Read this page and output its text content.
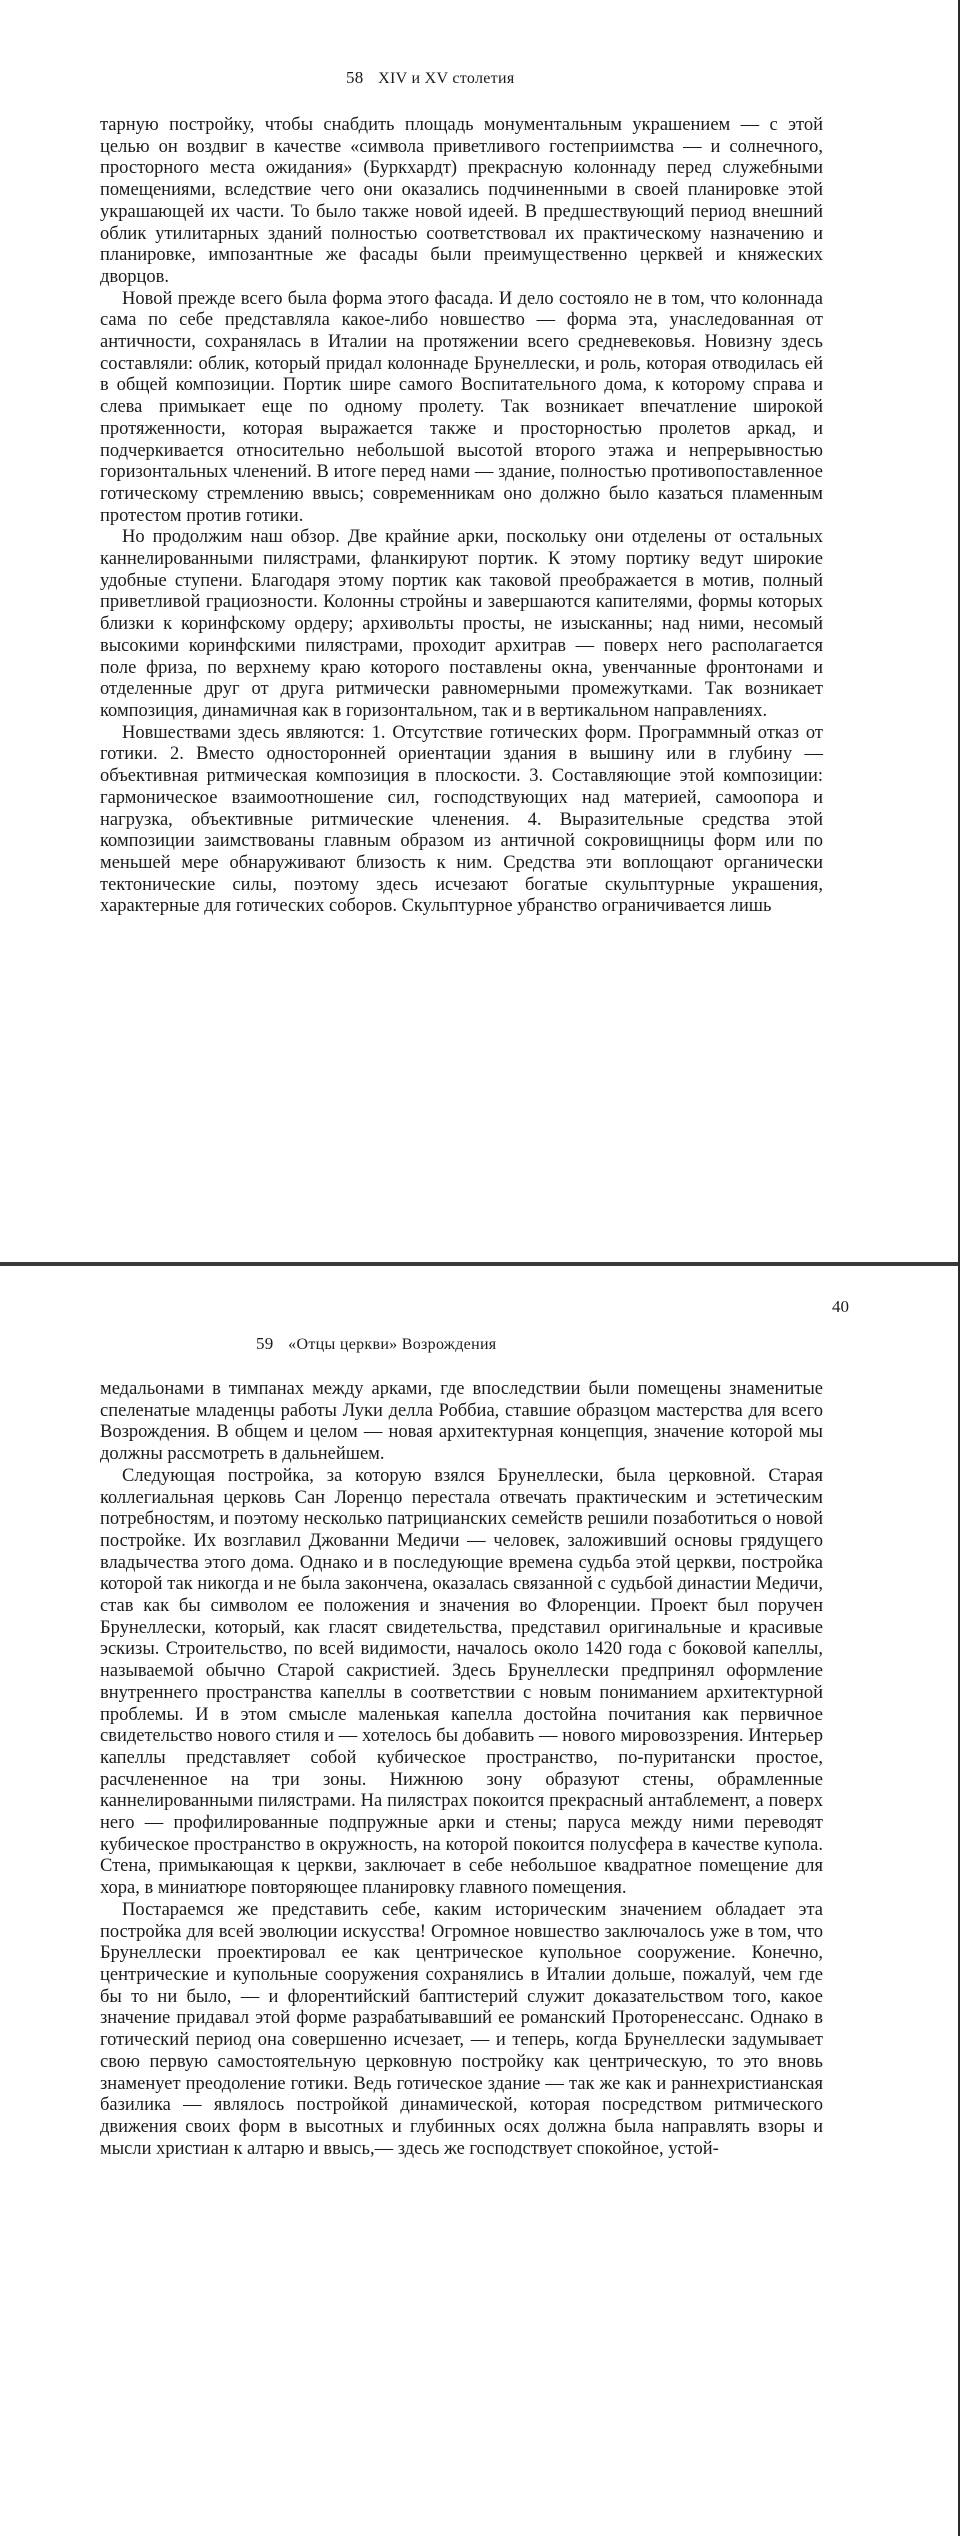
58 XIV и XV столетия

тарную постройку, чтобы снабдить площадь монументальным украшением — с этой целью он воздвиг в качестве «символа приветливого гостеприимства — и солнечного, просторного места ожидания» (Буркхардт) прекрасную колоннаду перед служебными помещениями, вследствие чего они оказались подчиненными в своей планировке этой украшающей их части. То было также новой идеей. В предшествующий период внешний облик утилитарных зданий полностью соответствовал их практическому назначению и планировке, импозантные же фасады были преимущественно церквей и княжеских дворцов.

Новой прежде всего была форма этого фасада. И дело состояло не в том, что колоннада сама по себе представляла какое-либо новшество — форма эта, унаследованная от античности, сохранялась в Италии на протяжении всего средневековья. Новизну здесь составляли: облик, который придал колоннаде Брунеллески, и роль, которая отводилась ей в общей композиции. Портик шире самого Воспитательного дома, к которому справа и слева примыкает еще по одному пролету. Так возникает впечатление широкой протяженности, которая выражается также и просторностью пролетов аркад, и подчеркивается относительно небольшой высотой второго этажа и непрерывностью горизонтальных членений. В итоге перед нами — здание, полностью противопоставленное готическому стремлению ввысь; современникам оно должно было казаться пламенным протестом против готики.

Но продолжим наш обзор. Две крайние арки, поскольку они отделены от остальных каннелированными пилястрами, фланкируют портик. К этому портику ведут широкие удобные ступени. Благодаря этому портик как таковой преображается в мотив, полный приветливой грациозности. Колонны стройны и завершаются капителями, формы которых близки к коринфскому ордеру; архивольты просты, не изысканны; над ними, несомый высокими коринфскими пилястрами, проходит архитрав — поверх него располагается поле фриза, по верхнему краю которого поставлены окна, увенчанные фронтонами и отделенные друг от друга ритмически равномерными промежутками. Так возникает композиция, динамичная как в горизонтальном, так и в вертикальном направлениях.

Новшествами здесь являются: 1. Отсутствие готических форм. Программный отказ от готики. 2. Вместо односторонней ориентации здания в вышину или в глубину — объективная ритмическая композиция в плоскости. 3. Составляющие этой композиции: гармоническое взаимоотношение сил, господствующих над материей, самоопора и нагрузка, объективные ритмические членения. 4. Выразительные средства этой композиции заимствованы главным образом из античной сокровищницы форм или по меньшей мере обнаруживают близость к ним. Средства эти воплощают органически тектонические силы, поэтому здесь исчезают богатые скульптурные украшения, характерные для готических соборов. Скульптурное убранство ограничивается лишь

59 «Отцы церкви» Возрождения

медальонами в тимпанах между арками, где впоследствии были помещены знаменитые спеленатые младенцы работы Луки делла Роббиа, ставшие образцом мастерства для всего Возрождения. В общем и целом — новая архитектурная концепция, значение которой мы должны рассмотреть в дальнейшем.

Следующая постройка, за которую взялся Брунеллески, была церковной. Старая коллегиальная церковь Сан Лоренцо перестала отвечать практическим и эстетическим потребностям, и поэтому несколько патрицианских семейств решили позаботиться о новой постройке. Их возглавил Джованни Медичи — человек, заложивший основы грядущего владычества этого дома. Однако и в последующие времена судьба этой церкви, постройка которой так никогда и не была закончена, оказалась связанной с судьбой династии Медичи, став как бы символом ее положения и значения во Флоренции. Проект был поручен Брунеллески, который, как гласят свидетельства, представил оригинальные и красивые эскизы. Строительство, по всей видимости, началось около 1420 года с боковой капеллы, называемой обычно Старой сакристией. Здесь Брунеллески предпринял оформление внутреннего пространства капеллы в соответствии с новым пониманием архитектурной проблемы. И в этом смысле маленькая капелла достойна почитания как первичное свидетельство нового стиля и — хотелось бы добавить — нового мировоззрения. Интерьер капеллы представляет собой кубическое пространство, по-пуритански простое, расчлененное на три зоны. Нижнюю зону образуют стены, обрамленные каннелированными пилястрами. На пилястрах покоится прекрасный антаблемент, а поверх него — профилированные подпружные арки и стены; паруса между ними переводят кубическое пространство в окружность, на которой покоится полусфера в качестве купола. Стена, примыкающая к церкви, заключает в себе небольшое квадратное помещение для хора, в миниатюре повторяющее планировку главного помещения.

Постараемся же представить себе, каким историческим значением обладает эта постройка для всей эволюции искусства! Огромное новшество заключалось уже в том, что Брунеллески проектировал ее как центрическое купольное сооружение. Конечно, центрические и купольные сооружения сохранялись в Италии дольше, пожалуй, чем где бы то ни было, — и флорентийский баптистерий служит доказательством того, какое значение придавал этой форме разрабатывавший ее романский Проторенессанс. Однако в готический период она совершенно исчезает, — и теперь, когда Брунеллески задумывает свою первую самостоятельную церковную постройку как центрическую, то это вновь знаменует преодоление готики. Ведь готическое здание — так же как и раннехристианская базилика — являлось постройкой динамической, которая посредством ритмического движения своих форм в высотных и глубинных осях должна была направлять взоры и мысли христиан к алтарю и ввысь,— здесь же господствует спокойное, устой-

40
